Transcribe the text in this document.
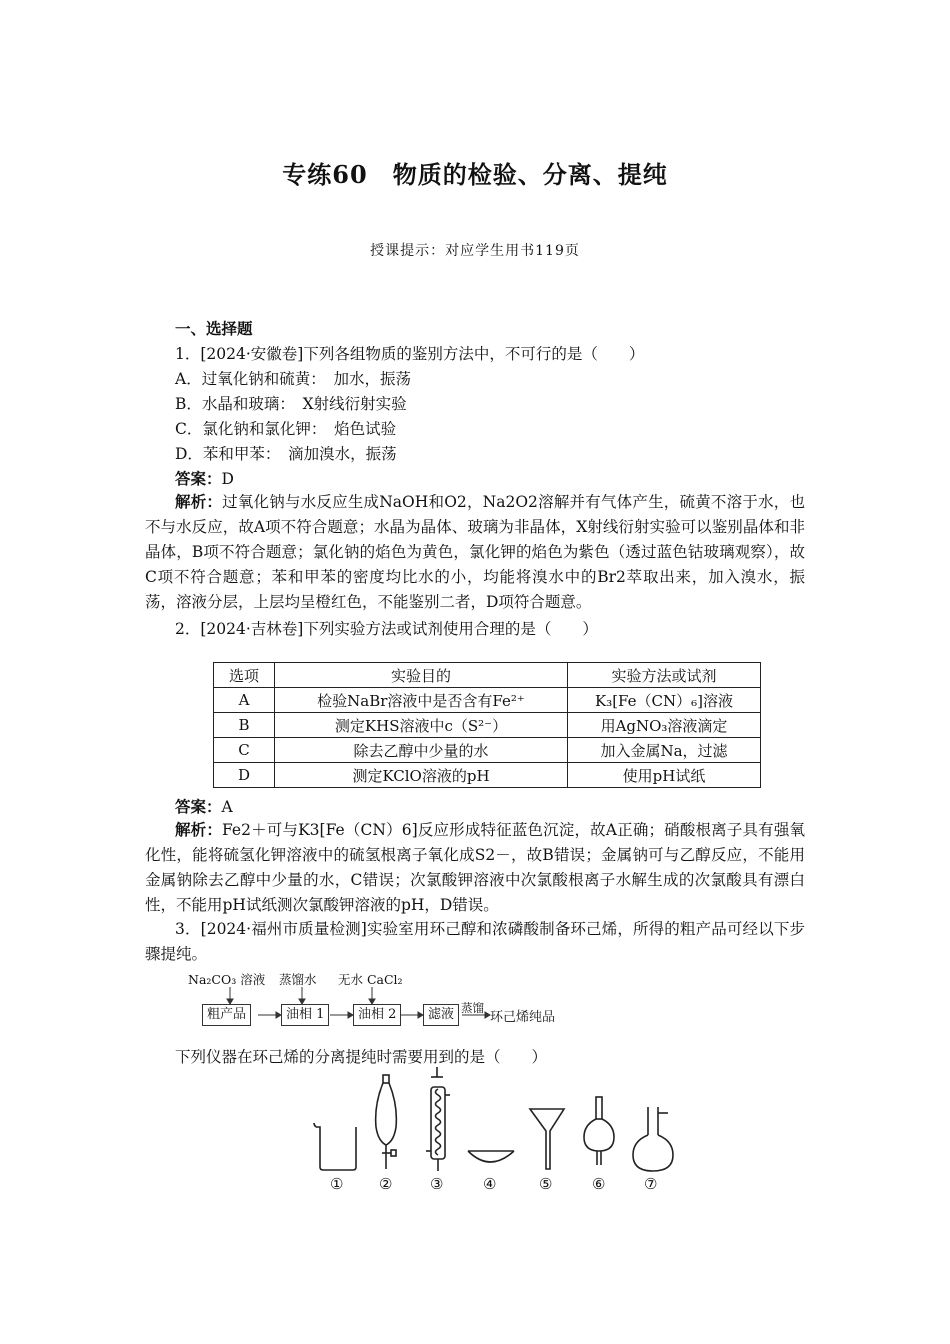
专练60　物质的检验、分离、提纯
授课提示：对应学生用书119页
一、选择题
1．[2024·安徽卷]下列各组物质的鉴别方法中，不可行的是（　　）
A．过氧化钠和硫黄：　加水，振荡
B．水晶和玻璃：　X射线衍射实验
C．氯化钠和氯化钾：　焰色试验
D．苯和甲苯：　滴加溴水，振荡
答案：D
解析：过氧化钠与水反应生成NaOH和O2，Na2O2溶解并有气体产生，硫黄不溶于水，也不与水反应，故A项不符合题意；水晶为晶体、玻璃为非晶体，X射线衍射实验可以鉴别晶体和非晶体，B项不符合题意；氯化钠的焰色为黄色，氯化钾的焰色为紫色（透过蓝色钴玻璃观察），故C项不符合题意；苯和甲苯的密度均比水的小，均能将溴水中的Br2萃取出来，加入溴水，振荡，溶液分层，上层均呈橙红色，不能鉴别二者，D项符合题意。
2．[2024·吉林卷]下列实验方法或试剂使用合理的是（　　）
选项	实验目的	实验方法或试剂
A	检验NaBr溶液中是否含有Fe²⁺	K₃[Fe（CN）₆]溶液
B	测定KHS溶液中c（S²⁻）	用AgNO₃溶液滴定
C	除去乙醇中少量的水	加入金属Na，过滤
D	测定KClO溶液的pH	使用pH试纸
答案：A
解析：Fe2＋可与K3[Fe（CN）6]反应形成特征蓝色沉淀，故A正确；硝酸根离子具有强氧化性，能将硫氢化钾溶液中的硫氢根离子氧化成S2－，故B错误；金属钠可与乙醇反应，不能用金属钠除去乙醇中少量的水，C错误；次氯酸钾溶液中次氯酸根离子水解生成的次氯酸具有漂白性，不能用pH试纸测次氯酸钾溶液的pH，D错误。
3．[2024·福州市质量检测]实验室用环己醇和浓磷酸制备环己烯，所得的粗产品可经以下步骤提纯。
Na₂CO₃ 溶液 蒸馏水 无水 CaCl₂
粗产品	油相 1	油相 2	滤液 蒸馏
环己烯纯品
下列仪器在环己烯的分离提纯时需要用到的是（　　）
① ②	③	④	⑤	⑥	⑦
